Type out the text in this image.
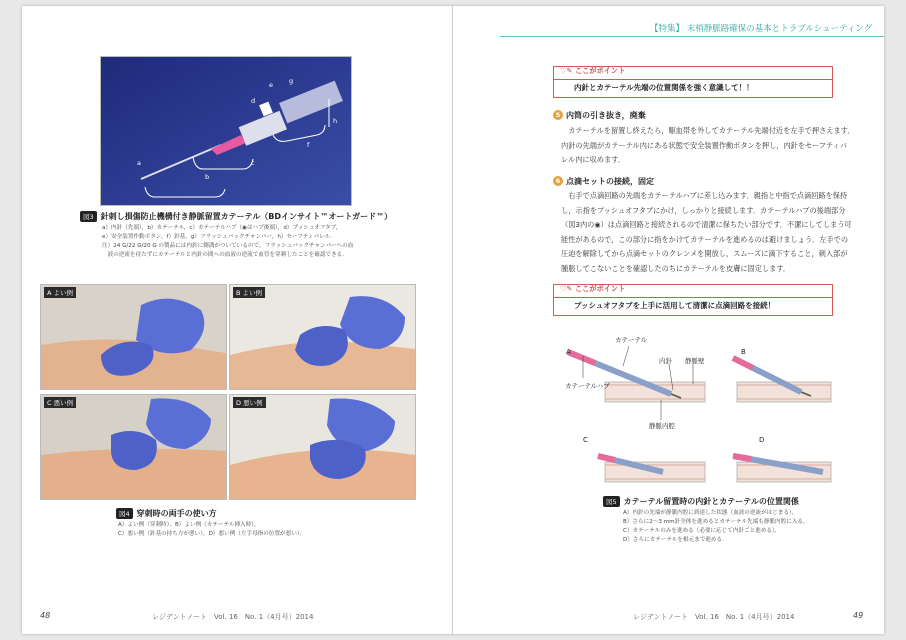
a
b
c
d
e
f
g
h
図3 針刺し損傷防止機構付き静脈留置カテーテル（BDインサイト™オートガード™）
a）内針（先端），b）カテーテル，c）カテーテルハブ（◉はハブ後端），d）プッシュオフタブ，
e）安全装置作動ボタン，f）針基，g）フラッシュバックチャンバー，h）セーフティバレル．
注）24 G/22 G/20 G の製品には内針に側溝がついているので，フラッシュバックチャンバーへの血
　液の逆流を待たずにカテーテルと内針の間への血液の逆流で血管を穿刺したことを確認できる．
A よい例	B よい例
C 悪い例	D 悪い例
図4 穿刺時の両手の使い方
A）よい例（穿刺時），B）よい例（カテーテル挿入時），
C）悪い例（針基の持ち方が悪い），D）悪い例（左手母指の位置が悪い）．
48	レジデントノート　Vol. 16　No. 1（4月号）2014
♡✎ ここがポイント
内針とカテーテル先端の位置関係を強く意識して！！
5 内筒の引き抜き，廃棄
　カテーテルを留置し終えたら，駆血帯を外してカテーテル先端付近を左手で押さえます．
内針の先端がカテーテル内にある状態で安全装置作動ボタンを押し，内針をセーフティバ
レル内に収めます．
6 点滴セットの接続，固定
　右手で点滴回路の先端をカテーテルハブに差し込みます．親指と中指で点滴回路を保持
し，示指をプッシュオフタブにかけ，しっかりと接続します．カテーテルハブの後端部分
（図3内の◉）は点滴回路と接続されるので清潔に保ちたい部分です．不潔にしてしまう可
能性があるので，この部分に指をかけてカテーテルを進めるのは避けましょう．左手での
圧迫を解除してから点滴セットのクレンメを開放し，スムーズに滴下すること，刺入部が
腫脹してこないことを確認したのちにカテーテルを皮膚に固定します．
♡✎ ここがポイント
プッシュオフタブを上手に活用して清潔に点滴回路を接続！
A	B
C	D
カテーテル
内針 静脈壁
カテーテルハブ
静脈内腔
図5 カテーテル留置時の内針とカテーテルの位置関係
A）内針の先端が静脈内腔に到達した状態（血液の逆流がはじまる），
B）さらに2〜3 mm針全体を進めるとカテーテル先端も静脈内腔に入る，
C）カテーテルのみを進める（必要に応じて内針ごと進める），
D）さらにカテーテルを根元まで進める．
レジデントノート　Vol. 16　No. 1（4月号）2014	49
【特集】 末梢静脈路確保の基本とトラブルシューティング
